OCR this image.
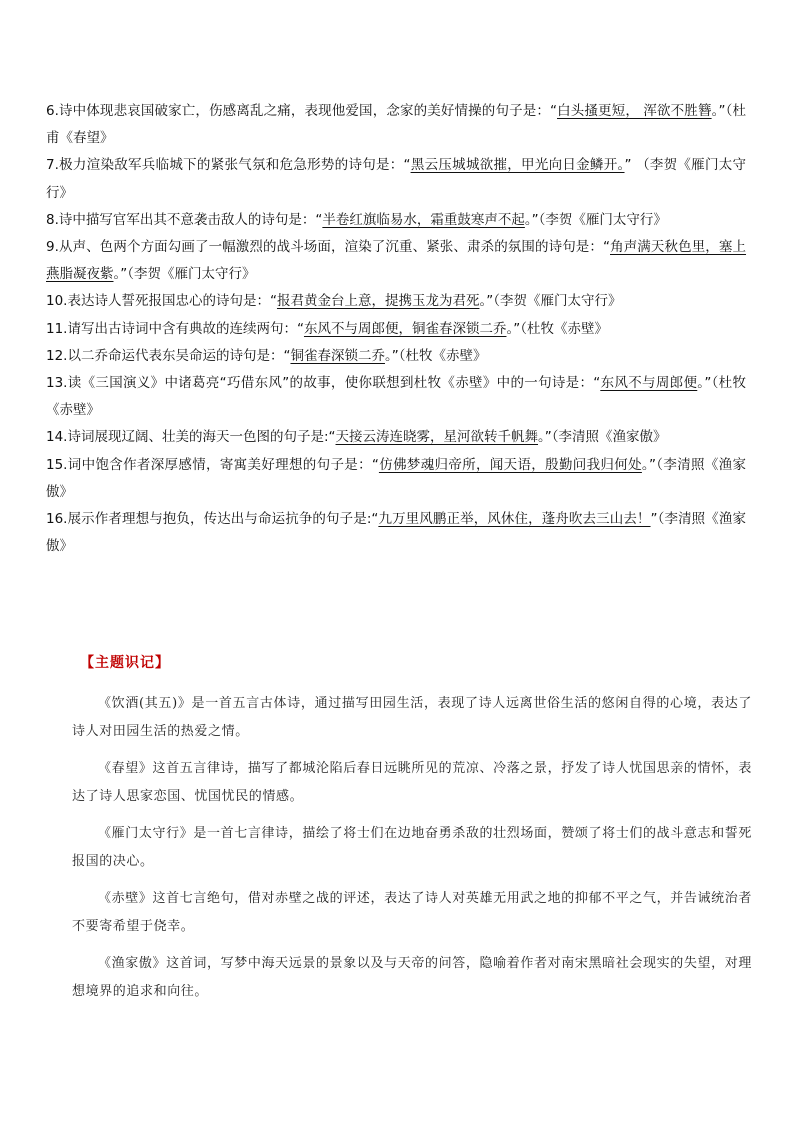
6.诗中体现悲哀国破家亡，伤感离乱之痛，表现他爱国，念家的美好情操的句子是：“白头搔更短， 浑欲不胜簪。”（杜甫《春望》

7.极力渲染敌军兵临城下的紧张气氛和危急形势的诗句是：“黑云压城城欲摧，甲光向日金鳞开。” （李贺《雁门太守行》

8.诗中描写官军出其不意袭击敌人的诗句是：“半卷红旗临易水，霜重鼓寒声不起。”（李贺《雁门太守行》

9.从声、色两个方面勾画了一幅激烈的战斗场面，渲染了沉重、紧张、肃杀的氛围的诗句是：“角声满天秋色里，塞上燕脂凝夜紫。”（李贺《雁门太守行》

10.表达诗人誓死报国忠心的诗句是：“报君黄金台上意，提携玉龙为君死。”（李贺《雁门太守行》

11.请写出古诗词中含有典故的连续两句：“东风不与周郎便，铜雀春深锁二乔。”（杜牧《赤壁》

12.以二乔命运代表东吴命运的诗句是：“铜雀春深锁二乔。”（杜牧《赤壁》

13.读《三国演义》中诸葛亮“巧借东风”的故事，使你联想到杜牧《赤壁》中的一句诗是：“东风不与周郎便。”（杜牧《赤壁》

14.诗词展现辽阔、壮美的海天一色图的句子是:“天接云涛连晓雾，星河欲转千帆舞。”（李清照《渔家傲》

15.词中饱含作者深厚感情，寄寓美好理想的句子是：“仿佛梦魂归帝所，闻天语，殷勤问我归何处。”（李清照《渔家傲》

16.展示作者理想与抱负，传达出与命运抗争的句子是:“九万里风鹏正举，风休住，蓬舟吹去三山去！”（李清照《渔家傲》

【主题识记】

《饮酒(其五)》是一首五言古体诗，通过描写田园生活，表现了诗人远离世俗生活的悠闲自得的心境，表达了诗人对田园生活的热爱之情。

《春望》这首五言律诗，描写了都城沦陷后春日远眺所见的荒凉、冷落之景，抒发了诗人忧国思亲的情怀，表达了诗人思家恋国、忧国忧民的情感。

《雁门太守行》是一首七言律诗，描绘了将士们在边地奋勇杀敌的壮烈场面，赞颂了将士们的战斗意志和誓死报国的决心。

《赤壁》这首七言绝句，借对赤壁之战的评述，表达了诗人对英雄无用武之地的抑郁不平之气，并告诫统治者不要寄希望于侥幸。

《渔家傲》这首词，写梦中海天远景的景象以及与天帝的问答，隐喻着作者对南宋黑暗社会现实的失望，对理想境界的追求和向往。
